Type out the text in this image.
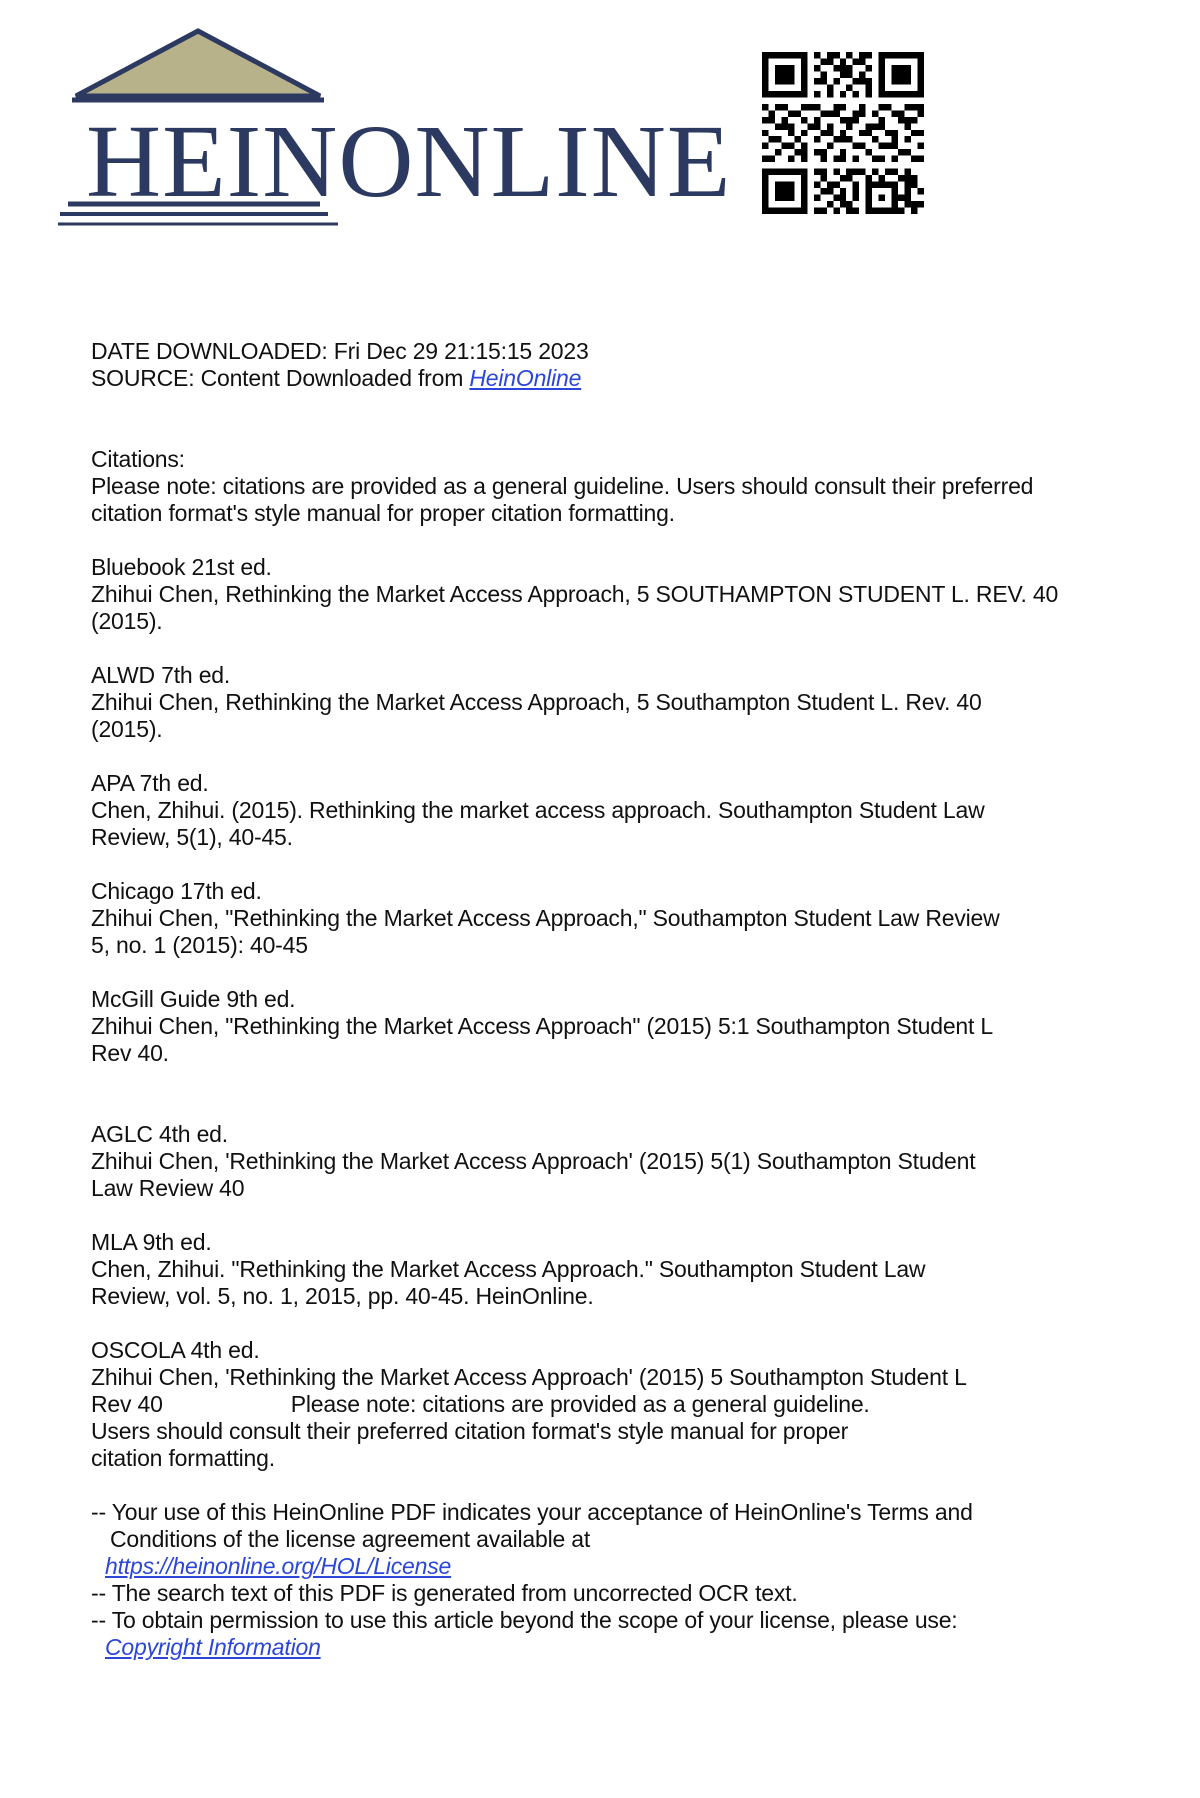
HEINONLINE
DATE DOWNLOADED: Fri Dec 29 21:15:15 2023
SOURCE: Content Downloaded from HeinOnline
Citations:
Please note: citations are provided as a general guideline. Users should consult their preferred
citation format's style manual for proper citation formatting.
Bluebook 21st ed.
Zhihui Chen, Rethinking the Market Access Approach, 5 SOUTHAMPTON STUDENT L. REV. 40
(2015).
ALWD 7th ed.
Zhihui Chen, Rethinking the Market Access Approach, 5 Southampton Student L. Rev. 40
(2015).
APA 7th ed.
Chen, Zhihui. (2015). Rethinking the market access approach. Southampton Student Law
Review, 5(1), 40-45.
Chicago 17th ed.
Zhihui Chen, "Rethinking the Market Access Approach," Southampton Student Law Review
5, no. 1 (2015): 40-45
McGill Guide 9th ed.
Zhihui Chen, "Rethinking the Market Access Approach" (2015) 5:1 Southampton Student L
Rev 40.
AGLC 4th ed.
Zhihui Chen, 'Rethinking the Market Access Approach' (2015) 5(1) Southampton Student
Law Review 40
MLA 9th ed.
Chen, Zhihui. "Rethinking the Market Access Approach." Southampton Student Law
Review, vol. 5, no. 1, 2015, pp. 40-45. HeinOnline.
OSCOLA 4th ed.
Zhihui Chen, 'Rethinking the Market Access Approach' (2015) 5 Southampton Student L
Rev 40	Please note: citations are provided as a general guideline.
Users should consult their preferred citation format's style manual for proper
citation formatting.
-- Your use of this HeinOnline PDF indicates your acceptance of HeinOnline's Terms and
Conditions of the license agreement available at
https://heinonline.org/HOL/License
-- The search text of this PDF is generated from uncorrected OCR text.
-- To obtain permission to use this article beyond the scope of your license, please use:
Copyright Information
